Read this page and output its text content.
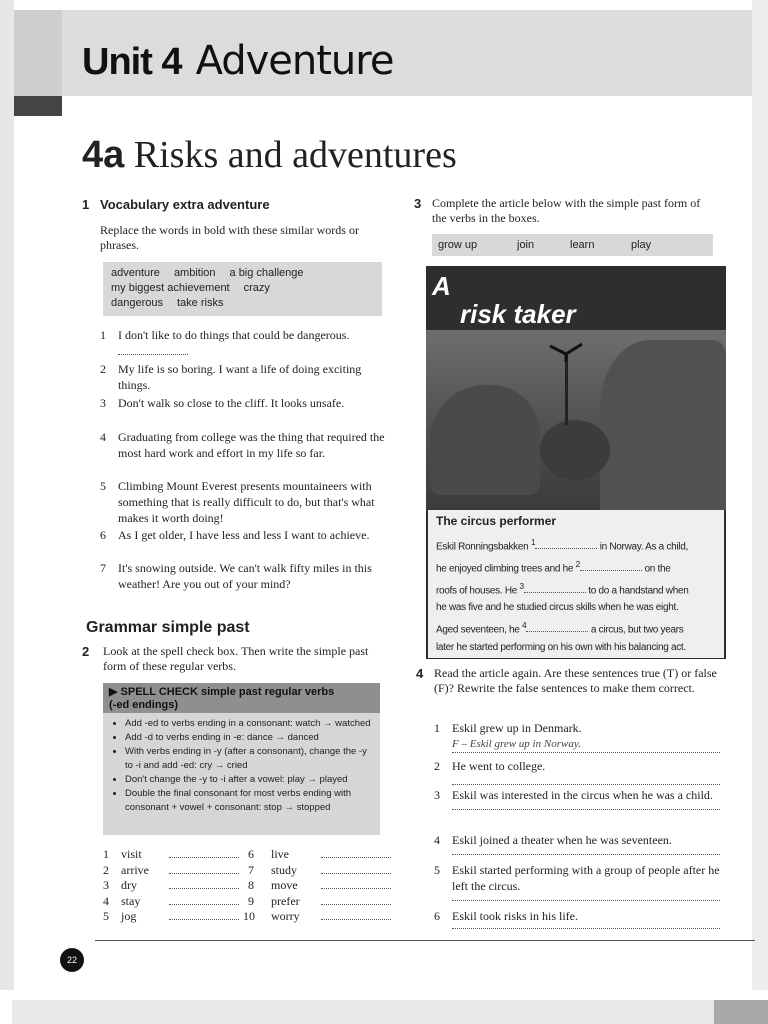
Unit 4 Adventure
4a Risks and adventures
1 Vocabulary extra adventure
Replace the words in bold with these similar words or phrases.
adventure ambition a big challenge
my biggest achievement crazy
dangerous take risks
1 I don't like to do things that could be dangerous.
2 My life is so boring. I want a life of doing exciting things.
3 Don't walk so close to the cliff. It looks unsafe.
4 Graduating from college was the thing that required the most hard work and effort in my life so far.
5 Climbing Mount Everest presents mountaineers with something that is really difficult to do, but that's what makes it worth doing!
6 As I get older, I have less and less I want to achieve.
7 It's snowing outside. We can't walk fifty miles in this weather! Are you out of your mind?
Grammar simple past
2	Look at the spell check box. Then write the simple past form of these regular verbs.
▶ SPELL CHECK simple past regular verbs
(-ed endings)
• Add -ed to verbs ending in a consonant: watch → watched
• Add -d to verbs ending in -e: dance → danced
• With verbs ending in -y (after a consonant), change the -y to -i and add -ed: cry → cried
• Don't change the -y to -i after a vowel: play → played
• Double the final consonant for most verbs ending with consonant + vowel + consonant: stop → stopped
1 visit	6 live
2 arrive	7 study
3 dry	8 move
4 stay	9 prefer
5 jog	10 worry
3 Complete the article below with the simple past form of the verbs in the boxes.
grow up	join	learn	play
A
risk taker
The circus performer
Eskil Ronningsbakken $^1$	in Norway. As a child,
he enjoyed climbing trees and he $^2$	on the
roofs of houses. He $^3$	to do a handstand when
he was five and he studied circus skills when he was eight.
Aged seventeen, he $^4$	a circus, but two years
later he started performing on his own with his balancing act.
4 Read the article again. Are these sentences true (T) or false (F)? Rewrite the false sentences to make them correct.
1 Eskil grew up in Denmark.
F – Eskil grew up in Norway.
2 He went to college.
3 Eskil was interested in the circus when he was a child.
4 Eskil joined a theater when he was seventeen.
5 Eskil started performing with a group of people after he left the circus.
6 Eskil took risks in his life.
22
